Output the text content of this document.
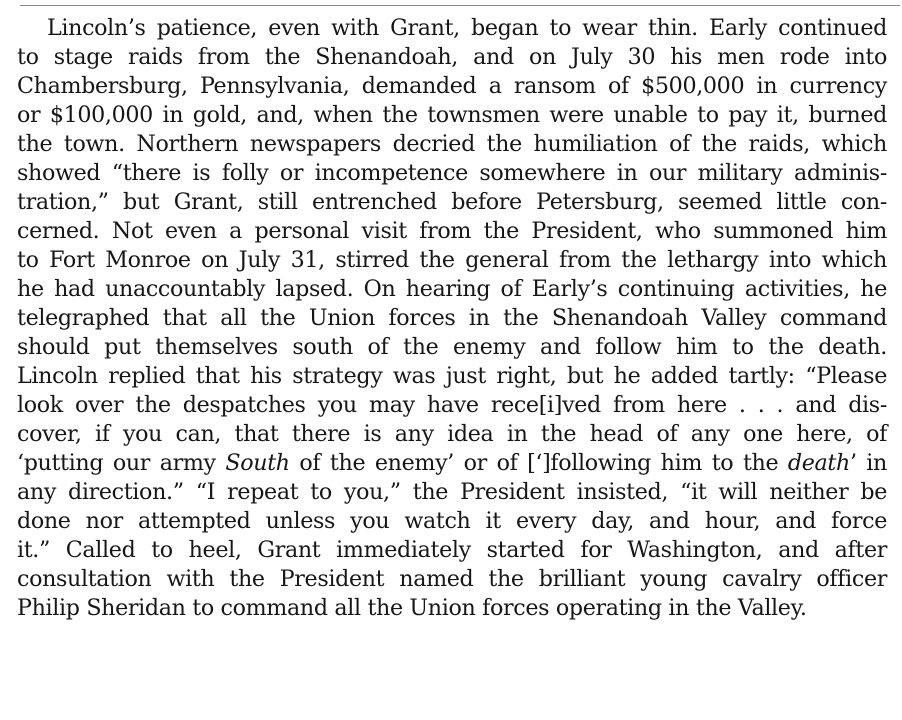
Lincoln’s patience, even with Grant, began to wear thin. Early continued
to stage raids from the Shenandoah, and on July 30 his men rode into
Chambersburg, Pennsylvania, demanded a ransom of $500,000 in currency
or $100,000 in gold, and, when the townsmen were unable to pay it, burned
the town. Northern newspapers decried the humiliation of the raids, which
showed “there is folly or incompetence somewhere in our military adminis-
tration,” but Grant, still entrenched before Petersburg, seemed little con-
cerned. Not even a personal visit from the President, who summoned him
to Fort Monroe on July 31, stirred the general from the lethargy into which
he had unaccountably lapsed. On hearing of Early’s continuing activities, he
telegraphed that all the Union forces in the Shenandoah Valley command
should put themselves south of the enemy and follow him to the death.
Lincoln replied that his strategy was just right, but he added tartly: “Please
look over the despatches you may have rece[i]ved from here . . . and dis-
cover, if you can, that there is any idea in the head of any one here, of
‘putting our army South of the enemy’ or of [‘]following him to the death’ in
any direction.” “I repeat to you,” the President insisted, “it will neither be
done nor attempted unless you watch it every day, and hour, and force
it.” Called to heel, Grant immediately started for Washington, and after
consultation with the President named the brilliant young cavalry officer
Philip Sheridan to command all the Union forces operating in the Valley.
